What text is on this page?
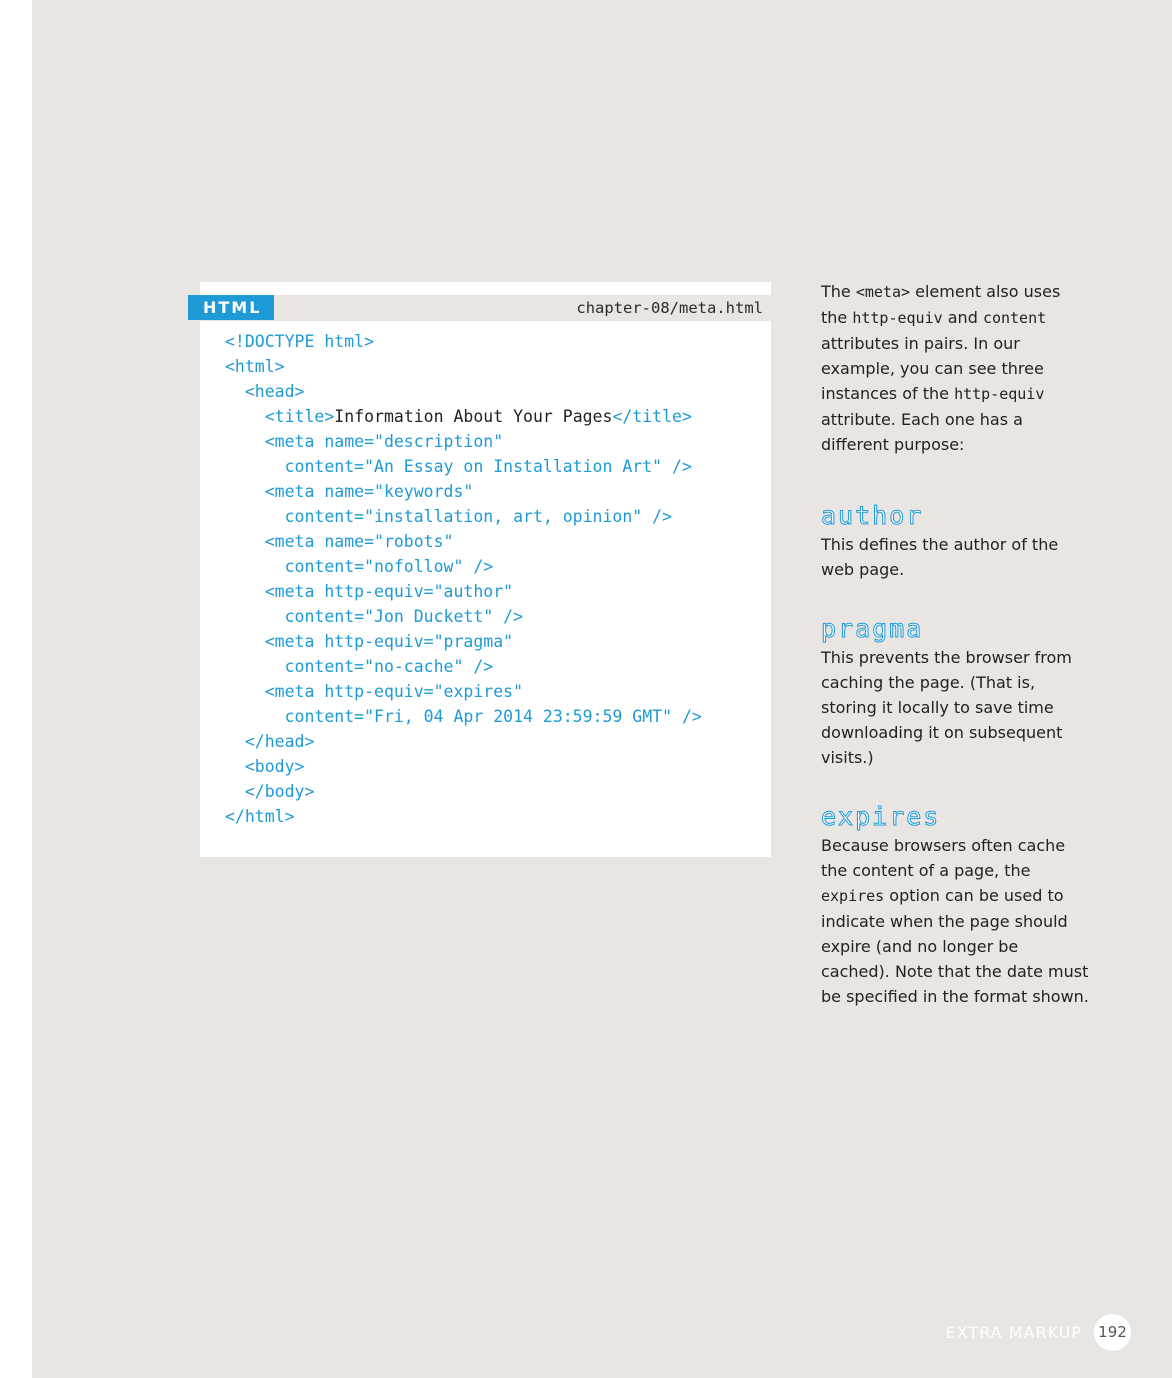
chapter-08/meta.html
<!DOCTYPE html>
<html>
<head>
<title>Information About Your Pages</title>
<meta name="description"
content="An Essay on Installation Art" />
<meta name="keywords"
content="installation, art, opinion" />
<meta name="robots"
content="nofollow" />
<meta http-equiv="author"
content="Jon Duckett" />
<meta http-equiv="pragma"
content="no-cache" />
<meta http-equiv="expires"
content="Fri, 04 Apr 2014 23:59:59 GMT" />
</head>
<body>
</body>
</html>
HTML

The <meta> element also uses the http-equiv and content attributes in pairs. In our example, you can see three instances of the http-equiv attribute. Each one has a different purpose:

author

This defines the author of the web page.

pragma

This prevents the browser from caching the page. (That is, storing it locally to save time downloading it on subsequent visits.)

expires

Because browsers often cache the content of a page, the expires option can be used to indicate when the page should expire (and no longer be cached). Note that the date must be specified in the format shown.

EXTRA MARKUP 192
